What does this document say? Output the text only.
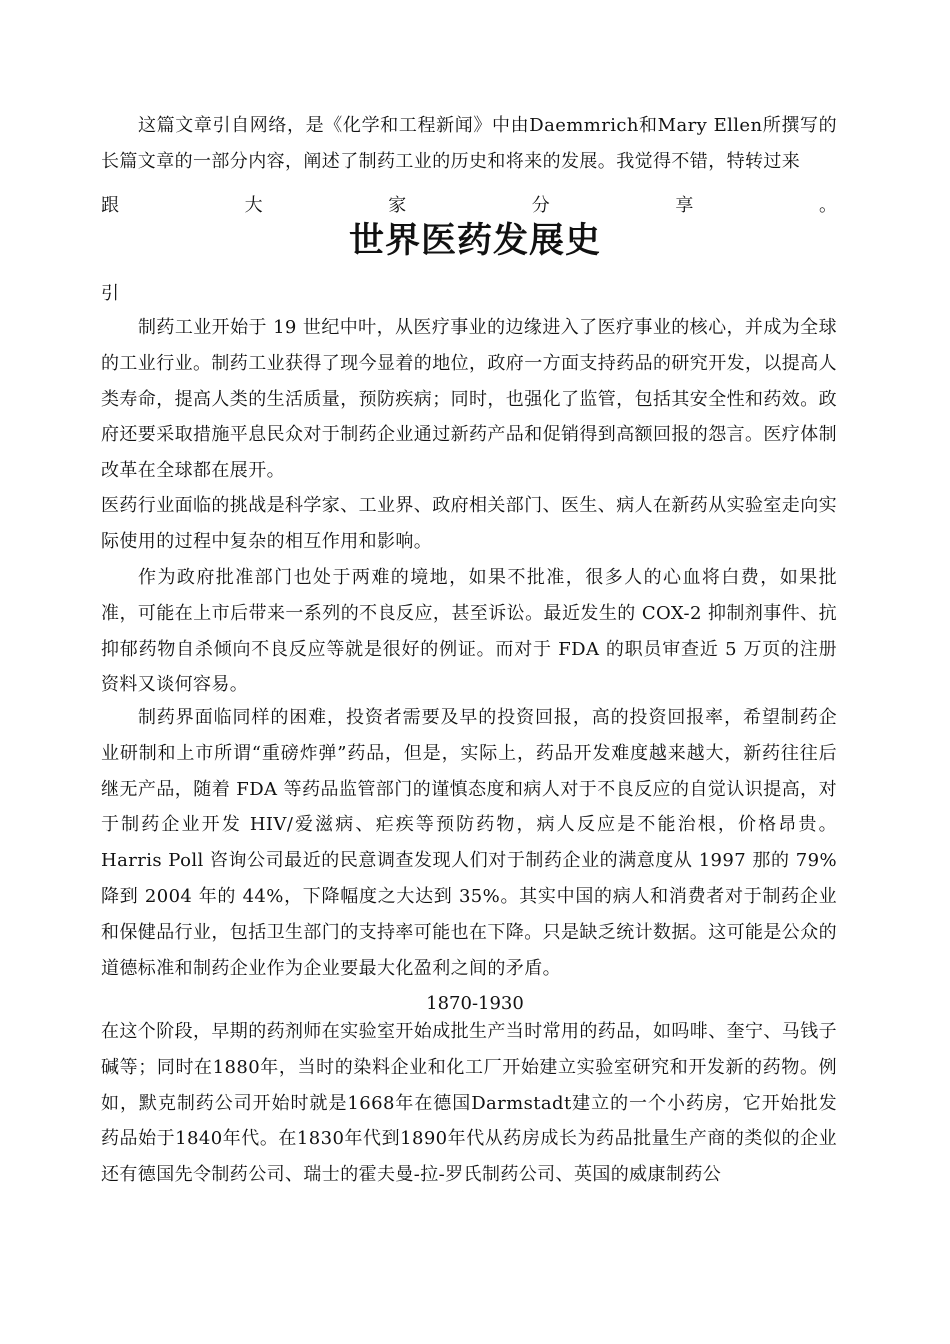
这篇文章引自网络，是《化学和工程新闻》中由Daemmrich和Mary Ellen所撰写的长篇文章的一部分内容，阐述了制药工业的历史和将来的发展。我觉得不错，特转过来

跟	大	家	分	享	。
世界医药发展史

引

制药工业开始于 19 世纪中叶，从医疗事业的边缘进入了医疗事业的核心，并成为全球的工业行业。制药工业获得了现今显着的地位，政府一方面支持药品的研究开发，以提高人类寿命，提高人类的生活质量，预防疾病；同时，也强化了监管，包括其安全性和药效。政府还要采取措施平息民众对于制药企业通过新药产品和促销得到高额回报的怨言。医疗体制改革在全球都在展开。

医药行业面临的挑战是科学家、工业界、政府相关部门、医生、病人在新药从实验室走向实际使用的过程中复杂的相互作用和影响。

作为政府批准部门也处于两难的境地，如果不批准，很多人的心血将白费，如果批准，可能在上市后带来一系列的不良反应，甚至诉讼。最近发生的 COX-2 抑制剂事件、抗抑郁药物自杀倾向不良反应等就是很好的例证。而对于 FDA 的职员审查近 5 万页的注册资料又谈何容易。

制药界面临同样的困难，投资者需要及早的投资回报，高的投资回报率，希望制药企业研制和上市所谓“重磅炸弹”药品，但是，实际上，药品开发难度越来越大，新药往往后继无产品，随着 FDA 等药品监管部门的谨慎态度和病人对于不良反应的自觉认识提高，对于制药企业开发 HIV/爱滋病、疟疾等预防药物，病人反应是不能治根，价格昂贵。Harris Poll 咨询公司最近的民意调查发现人们对于制药企业的满意度从 1997 那的 79%降到 2004 年的 44%，下降幅度之大达到 35%。其实中国的病人和消费者对于制药企业和保健品行业，包括卫生部门的支持率可能也在下降。只是缺乏统计数据。这可能是公众的道德标准和制药企业作为企业要最大化盈利之间的矛盾。

1870-1930

在这个阶段，早期的药剂师在实验室开始成批生产当时常用的药品，如吗啡、奎宁、马钱子碱等；同时在1880年，当时的染料企业和化工厂开始建立实验室研究和开发新的药物。例如，默克制药公司开始时就是1668年在德国Darmstadt建立的一个小药房，它开始批发药品始于1840年代。在1830年代到1890年代从药房成长为药品批量生产商的类似的企业还有德国先令制药公司、瑞士的霍夫曼-拉-罗氏制药公司、英国的威康制药公
